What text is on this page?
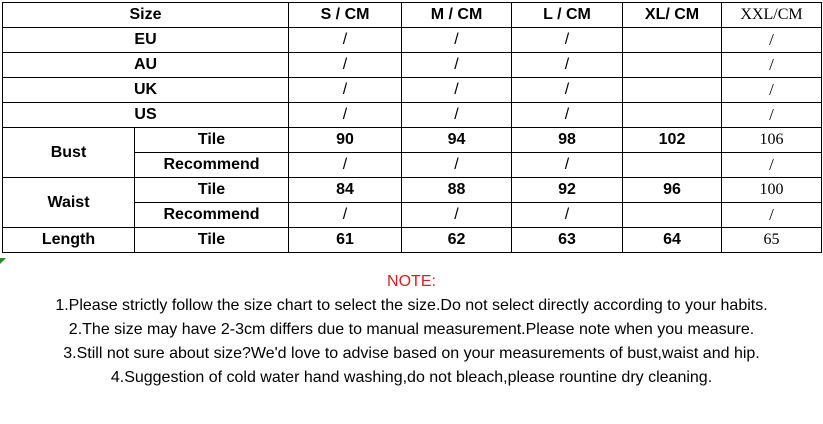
Size		S / CM	M / CM	L / CM	XL/ CM	XXL/CM
EU		/	/	/		/
AU		/	/	/		/
UK		/	/	/		/
US		/	/	/		/
Bust	Tile	90	94	98	102	106
	Recommend	/	/	/		/
Waist	Tile	84	88	92	96	100
	Recommend	/	/	/		/
Length	Tile	61	62	63	64	65
NOTE:
1.Please strictly follow the size chart to select the size.Do not select directly according to your habits.
2.The size may have 2-3cm differs due to manual measurement.Please note when you measure.
3.Still not sure about size?We'd love to advise based on your measurements of bust,waist and hip.
4.Suggestion of cold water hand washing,do not bleach,please rountine dry cleaning.
